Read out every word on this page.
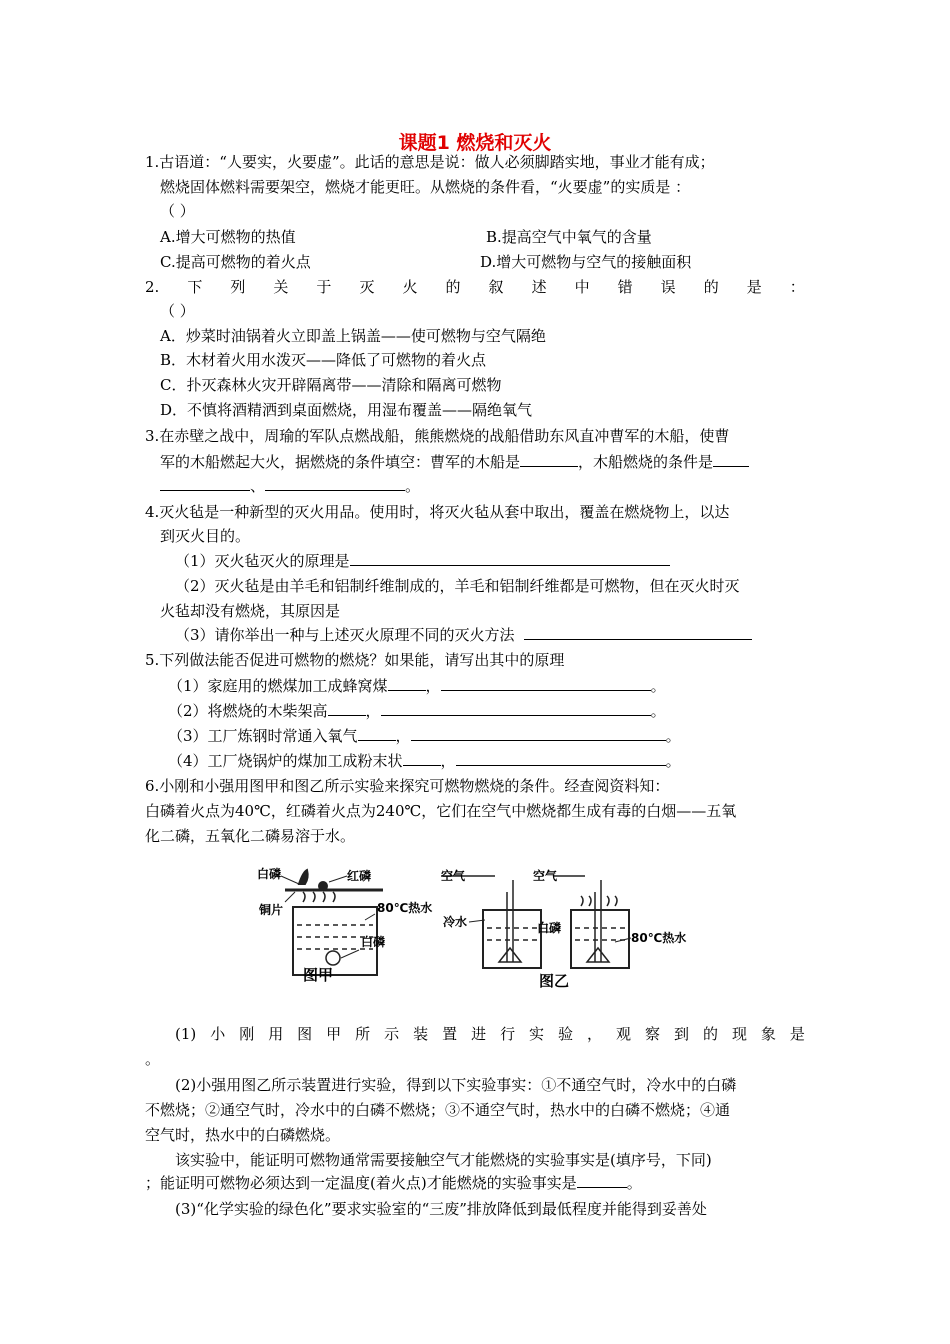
课题1 燃烧和灭火
1.古语道：“人要实，火要虚”。此话的意思是说：做人必须脚踏实地，事业才能有成；
燃烧固体燃料需要架空，燃烧才能更旺。从燃烧的条件看，“火要虚”的实质是 ：
（ ）
A.增大可燃物的热值	B.提高空气中氧气的含量
C.提高可燃物的着火点	D.增大可燃物与空气的接触面积
2. 下 列 关 于 灭 火 的 叙 述 中 错 误 的 是 ：
（ ）
A．炒菜时油锅着火立即盖上锅盖——使可燃物与空气隔绝
B．木材着火用水泼灭——降低了可燃物的着火点
C．扑灭森林火灾开辟隔离带——清除和隔离可燃物
D．不慎将酒精洒到桌面燃烧，用湿布覆盖——隔绝氧气
3.在赤壁之战中，周瑜的军队点燃战船，熊熊燃烧的战船借助东风直冲曹军的木船，使曹
军的木船燃起大火，据燃烧的条件填空：曹军的木船是	，木船燃烧的条件是
、	。
4.灭火毡是一种新型的灭火用品。使用时，将灭火毡从套中取出，覆盖在燃烧物上，以达
到灭火目的。
（1）灭火毡灭火的原理是
（2）灭火毡是由羊毛和铝制纤维制成的，羊毛和铝制纤维都是可燃物，但在灭火时灭
火毡却没有燃烧，其原因是
（3）请你举出一种与上述灭火原理不同的灭火方法
5.下列做法能否促进可燃物的燃烧？如果能，请写出其中的原理
（1）家庭用的燃煤加工成蜂窝煤	，	。
（2）将燃烧的木柴架高	，	。
（3）工厂炼钢时常通入氧气	，	。
（4）工厂烧锅炉的煤加工成粉末状	，	。
6.小刚和小强用图甲和图乙所示实验来探究可燃物燃烧的条件。经查阅资料知：
白磷着火点为40℃，红磷着火点为240℃，它们在空气中燃烧都生成有毒的白烟——五氧
化二磷，五氧化二磷易溶于水。
白磷	红磷
铜片	80℃热水
白磷
图甲
空气	空气
冷水	白磷
80℃热水
图乙
(1) 小 刚 用 图 甲 所 示 装 置 进 行 实 验 ， 观 察 到 的 现 象 是
。
(2)小强用图乙所示装置进行实验，得到以下实验事实：①不通空气时，冷水中的白磷
不燃烧；②通空气时，冷水中的白磷不燃烧；③不通空气时，热水中的白磷不燃烧；④通
空气时，热水中的白磷燃烧。
该实验中，能证明可燃物通常需要接触空气才能燃烧的实验事实是(填序号，下同)
；能证明可燃物必须达到一定温度(着火点)才能燃烧的实验事实是	。
(3)“化学实验的绿色化”要求实验室的“三废”排放降低到最低程度并能得到妥善处
